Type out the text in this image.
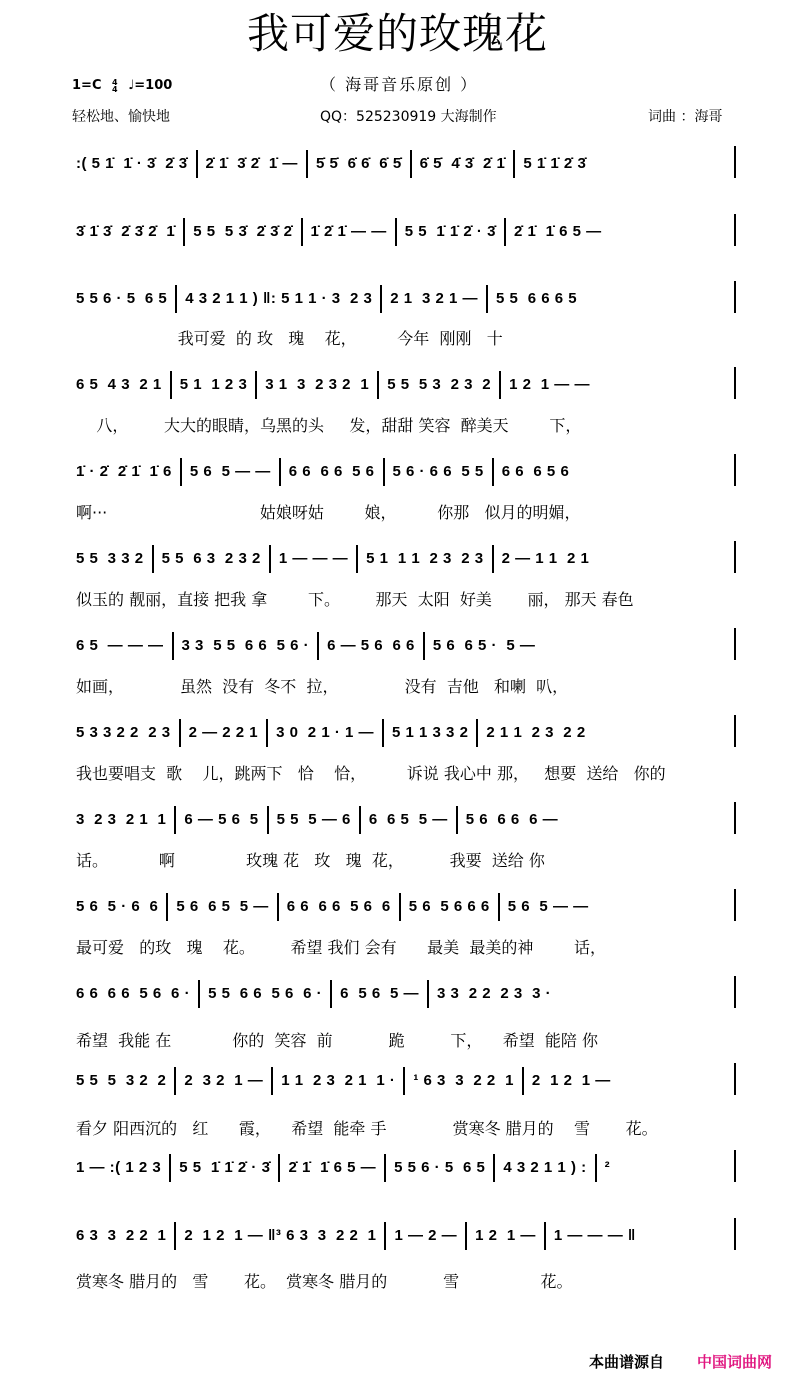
我可爱的玫瑰花
1=C 4
4 ♩=100	（ 海哥音乐原创 ）
轻松地、愉快地	QQ：525230919 大海制作	词曲 ：海哥
:( 5 1̇  1̇ · 3̇  2̇ 3̇ 2̇ 1̇  3̇ 2̇  1̇ — 5̇ 5̇  6̇ 6̇  6̇ 5̇ 6̇ 5̇  4̇ 3̇  2̇ 1̇ 5 1̇ 1̇ 2̇ 3̇
3̇ 1̇ 3̇  2̇ 3̇ 2̇  1̇ 5 5  5 3̇  2̇ 3̇ 2̇ 1̇ 2̇ 1̇ — — 5 5  1̇ 1̇ 2̇ · 3̇ 2̇ 1̇  1̇ 6 5 —
5 5 6 · 5  6 5 4 3 2 1 1 ) ‖: 5 1 1 · 3  2 3 2 1  3 2 1 — 5 5  6 6 6 5
6 5  4 3  2 1 5 1  1 2 3 3 1  3  2 3 2  1 5 5  5 3  2 3  2 1 2  1 — —
1̇ · 2̇  2̇ 1̇  1̇ 6 5 6  5 — — 6 6  6 6  5 6 5 6 · 6 6  5 5 6 6  6 5 6
5 5  3 3 2 5 5  6 3  2 3 2 1 — — — 5 1  1 1  2 3  2 3 2 — 1 1  2 1
6 5  — — — 3 3  5 5  6 6  5 6 · 6 — 5 6  6 6 5 6  6 5 ·  5 —
5 3 3 2 2  2 3 2 — 2 2 1 3 0  2 1 · 1 — 5 1 1 3 3 2 2 1 1  2 3  2 2
3  2 3  2 1  1 6 — 5 6  5 5 5  5 — 6 6  6 5  5 — 5 6  6 6  6 —
5 6  5 · 6  6 5 6  6 5  5 — 6 6  6 6  5 6  6 5 6  5 6 6 6 5 6  5 — —
6 6  6 6  5 6  6 · 5 5  6 6  5 6  6 · 6  5 6  5 — 3 3  2 2  2 3  3 ·
5 5  5  3 2  2 2  3 2  1 — 1 1  2 3  2 1  1 · ¹ 6 3  3  2 2  1 2  1 2  1 —
1 — :( 1 2 3 5 5  1̇ 1̇ 2̇ · 3̇ 2̇ 1̇  1̇ 6 5 — 5 5 6 · 5  6 5 4 3 2 1 1 ) : ²
6 3  3  2 2  1 2  1 2  1 — ‖³ 6 3  3  2 2  1 1 — 2 — 1 2  1 — 1 — — — ‖
我可爱  的 玫   瑰    花，        今年  刚刚   十
八，       大大的眼睛，乌黑的头     发，甜甜 笑容  醉美天        下，
啊···                              姑娘呀姑        娘，        你那   似月的明媚，
似玉的 靓丽，直接 把我 拿        下。       那天  太阳  好美       丽， 那天 春色
如画，           虽然  没有  冬不  拉，             没有  吉他   和喇  叭，
我也要唱支  歌    儿，跳两下   恰    恰，        诉说 我心中 那，   想要  送给   你的
话。          啊              玫瑰 花   玫   瑰  花，         我要  送给 你
最可爱   的玫   瑰    花。       希望 我们 会有      最美  最美的神        话，
希望  我能 在            你的  笑容  前           跪         下，    希望  能陪 你
看夕 阳西沉的   红      霞，    希望  能牵 手             赏寒冬 腊月的    雪       花。
赏寒冬 腊月的   雪       花。  赏寒冬 腊月的           雪                花。
本曲谱源自 中国词曲网
